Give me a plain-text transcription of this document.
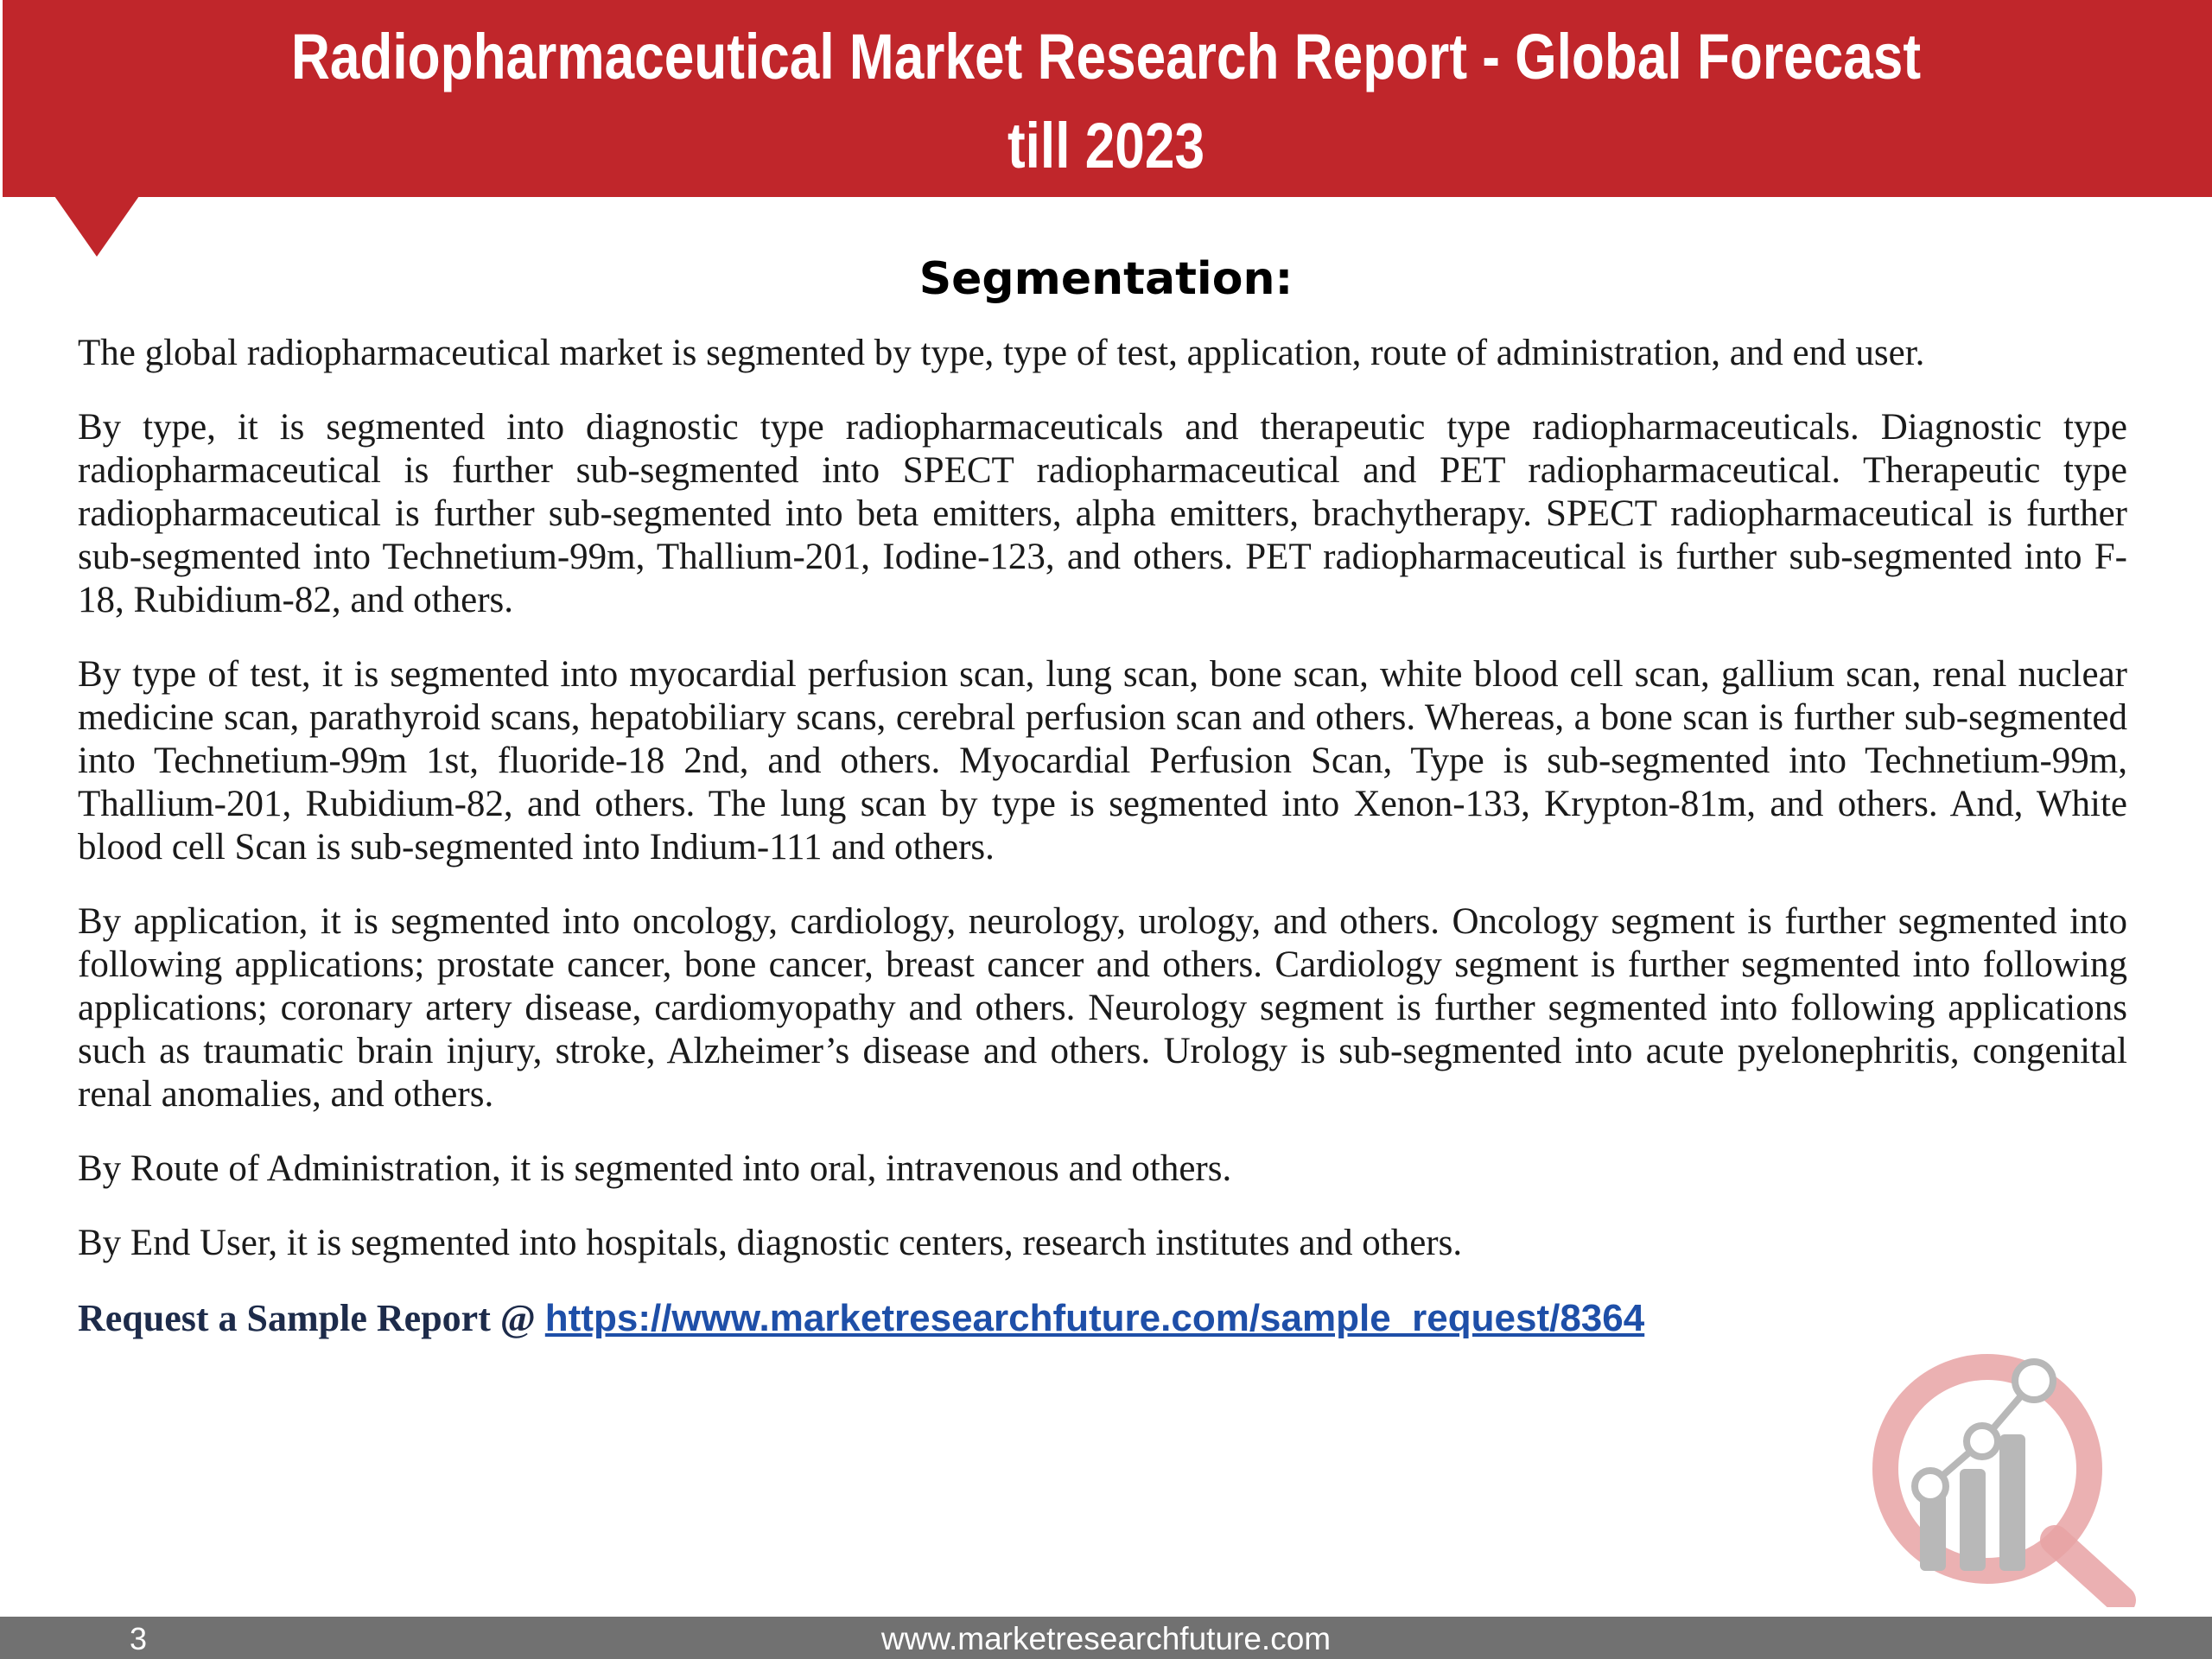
Radiopharmaceutical Market Research Report - Global Forecast till 2023
Segmentation:

The global radiopharmaceutical market is segmented by type, type of test, application, route of administration, and end user.

By type, it is segmented into diagnostic type radiopharmaceuticals and therapeutic type radiopharmaceuticals. Diagnostic type radiopharmaceutical is further sub-segmented into SPECT radiopharmaceutical and PET radiopharmaceutical. Therapeutic type radiopharmaceutical is further sub-segmented into beta emitters, alpha emitters, brachytherapy. SPECT radiopharmaceutical is further sub-segmented into Technetium-99m, Thallium-201, Iodine-123, and others. PET radiopharmaceutical is further sub-segmented into F-18, Rubidium-82, and others.

By type of test, it is segmented into myocardial perfusion scan, lung scan, bone scan, white blood cell scan, gallium scan, renal nuclear medicine scan, parathyroid scans, hepatobiliary scans, cerebral perfusion scan and others. Whereas, a bone scan is further sub-segmented into Technetium-99m 1st, fluoride-18 2nd, and others. Myocardial Perfusion Scan, Type is sub-segmented into Technetium-99m, Thallium-201, Rubidium-82, and others. The lung scan by type is segmented into Xenon-133, Krypton-81m, and others. And, White blood cell Scan is sub-segmented into Indium-111 and others.

By application, it is segmented into oncology, cardiology, neurology, urology, and others. Oncology segment is further segmented into following applications; prostate cancer, bone cancer, breast cancer and others. Cardiology segment is further segmented into following applications; coronary artery disease, cardiomyopathy and others. Neurology segment is further segmented into following applications such as traumatic brain injury, stroke, Alzheimer’s disease and others. Urology is sub-segmented into acute pyelonephritis, congenital renal anomalies, and others.

By Route of Administration, it is segmented into oral, intravenous and others.

By End User, it is segmented into hospitals, diagnostic centers, research institutes and others.

Request a Sample Report @ https://www.marketresearchfuture.com/sample_request/8364
3	www.marketresearchfuture.com
